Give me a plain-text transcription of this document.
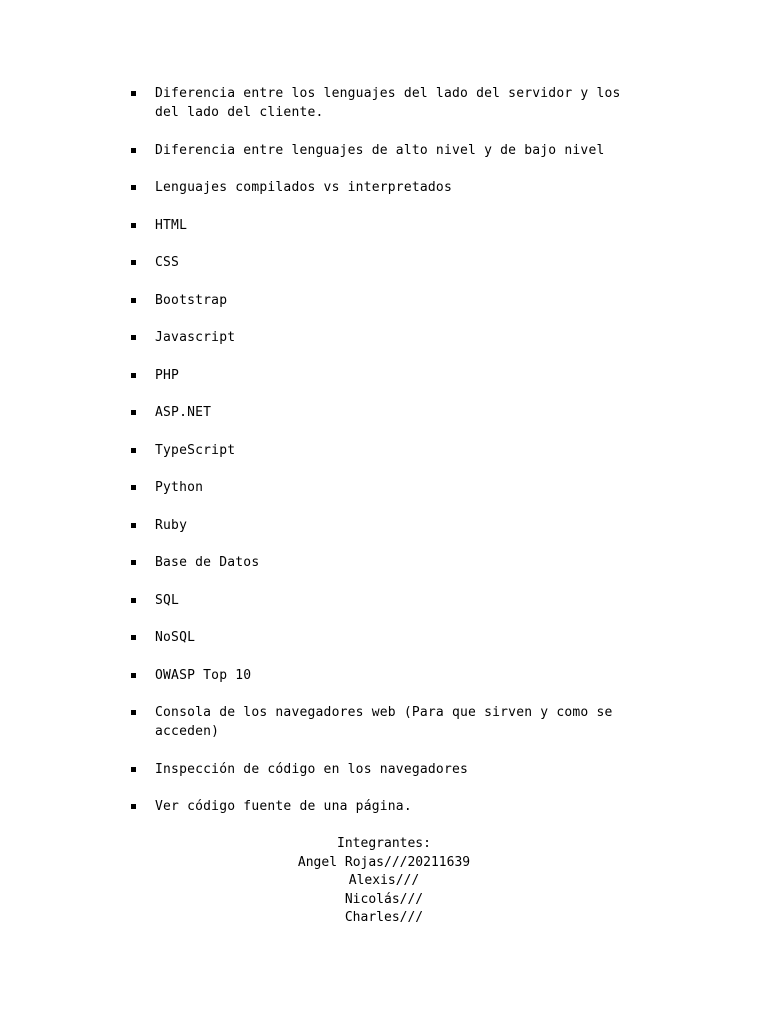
Diferencia entre los lenguajes del lado del servidor y los del lado del cliente.
Diferencia entre lenguajes de alto nivel y de bajo nivel
Lenguajes compilados vs interpretados
HTML
CSS
Bootstrap
Javascript
PHP
ASP.NET
TypeScript
Python
Ruby
Base de Datos
SQL
NoSQL
OWASP Top 10
Consola de los navegadores web (Para que sirven y como se acceden)
Inspección de código en los navegadores
Ver código fuente de una página.
Integrantes:
Angel Rojas///20211639
Alexis///
Nicolás///
Charles///
